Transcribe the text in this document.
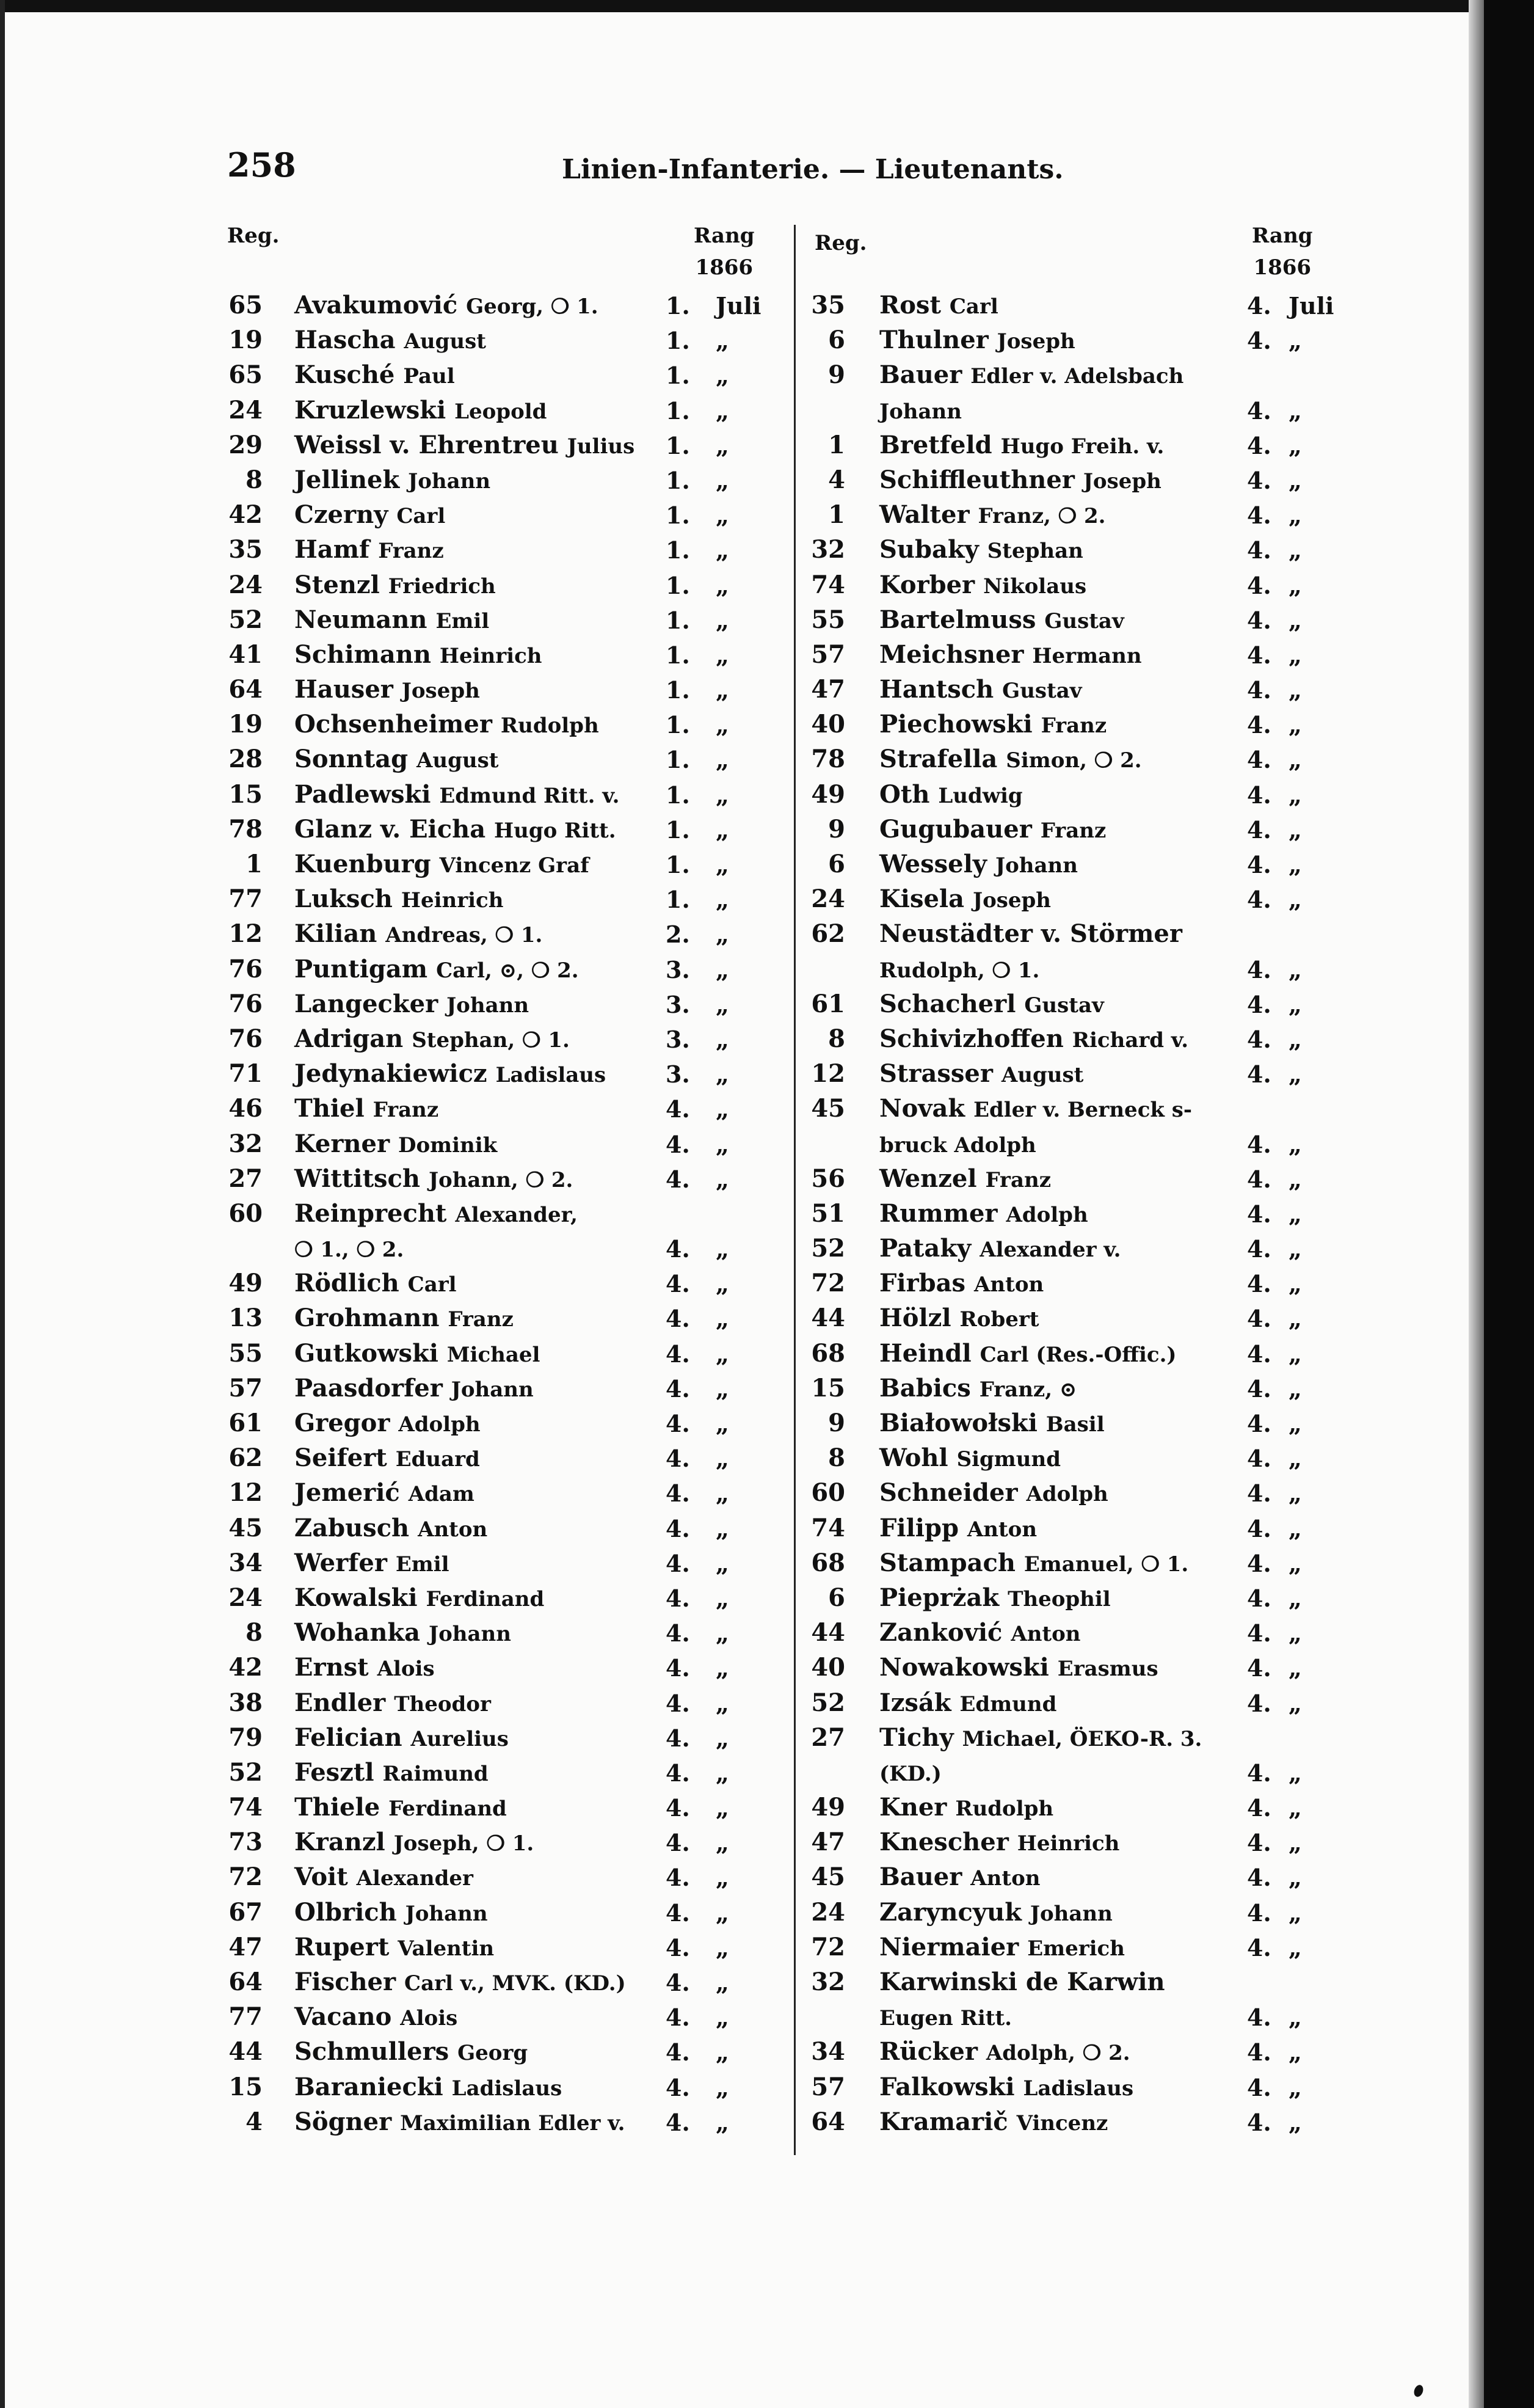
258	Linien-Infanterie. — Lieutenants.
Reg.	Rang
1866
Reg.	Rang
1866
65 Avakumović Georg, ❍ 1.	1. Juli
19 Hascha August	1. „
65 Kusché Paul	1. „
24 Kruzlewski Leopold	1. „
29 Weissl v. Ehrentreu Julius 1. „
8 Jellinek Johann	1. „
42 Czerny Carl	1. „
35 Hamf Franz	1. „
24 Stenzl Friedrich	1. „
52 Neumann Emil	1. „
41 Schimann Heinrich	1. „
64 Hauser Joseph	1. „
19 Ochsenheimer Rudolph	1. „
28 Sonntag August	1. „
15 Padlewski Edmund Ritt. v. 1. „
78 Glanz v. Eicha Hugo Ritt. 1. „
1 Kuenburg Vincenz Graf	1. „
77 Luksch Heinrich	1. „
12 Kilian Andreas, ❍ 1.	2. „
76 Puntigam Carl, ⊙, ❍ 2.	3. „
76 Langecker Johann	3. „
76 Adrigan Stephan, ❍ 1.	3. „
71 Jedynakiewicz Ladislaus	3. „
46 Thiel Franz	4. „
32 Kerner Dominik	4. „
27 Wittitsch Johann, ❍ 2.	4. „
60 Reinprecht Alexander,
❍ 1., ❍ 2.	4. „
49 Rödlich Carl	4. „
13 Grohmann Franz	4. „
55 Gutkowski Michael	4. „
57 Paasdorfer Johann	4. „
61 Gregor Adolph	4. „
62 Seifert Eduard	4. „
12 Jemerić Adam	4. „
45 Zabusch Anton	4. „
34 Werfer Emil	4. „
24 Kowalski Ferdinand	4. „
8 Wohanka Johann	4. „
42 Ernst Alois	4. „
38 Endler Theodor	4. „
79 Felician Aurelius	4. „
52 Fesztl Raimund	4. „
74 Thiele Ferdinand	4. „
73 Kranzl Joseph, ❍ 1.	4. „
72 Voit Alexander	4. „
67 Olbrich Johann	4. „
47 Rupert Valentin	4. „
64 Fischer Carl v., MVK. (KD.) 4. „
77 Vacano Alois	4. „
44 Schmullers Georg	4. „
15 Baraniecki Ladislaus	4. „
4 Sögner Maximilian Edler v. 4. „
35 Rost Carl	4. Juli
6 Thulner Joseph	4. „
9 Bauer Edler v. Adelsbach
Johann	4. „
1 Bretfeld Hugo Freih. v.	4. „
4 Schiffleuthner Joseph	4. „
1 Walter Franz, ❍ 2.	4. „
32 Subaky Stephan	4. „
74 Korber Nikolaus	4. „
55 Bartelmuss Gustav	4. „
57 Meichsner Hermann	4. „
47 Hantsch Gustav	4. „
40 Piechowski Franz	4. „
78 Strafella Simon, ❍ 2.	4. „
49 Oth Ludwig	4. „
9 Gugubauer Franz	4. „
6 Wessely Johann	4. „
24 Kisela Joseph	4. „
62 Neustädter v. Störmer
Rudolph, ❍ 1.	4. „
61 Schacherl Gustav	4. „
8 Schivizhoffen Richard v.	4. „
12 Strasser August	4. „
45 Novak Edler v. Berneck s-
bruck Adolph	4. „
56 Wenzel Franz	4. „
51 Rummer Adolph	4. „
52 Pataky Alexander v.	4. „
72 Firbas Anton	4. „
44 Hölzl Robert	4. „
68 Heindl Carl (Res.-Offic.)	4. „
15 Babics Franz, ⊙	4. „
9 Białowołski Basil	4. „
8 Wohl Sigmund	4. „
60 Schneider Adolph	4. „
74 Filipp Anton	4. „
68 Stampach Emanuel, ❍ 1.	4. „
6 Pieprżak Theophil	4. „
44 Zanković Anton	4. „
40 Nowakowski Erasmus	4. „
52 Izsák Edmund	4. „
27 Tichy Michael, ÖEKO-R. 3.
(KD.)	4. „
49 Kner Rudolph	4. „
47 Knescher Heinrich	4. „
45 Bauer Anton	4. „
24 Zaryncyuk Johann	4. „
72 Niermaier Emerich	4. „
32 Karwinski de Karwin
Eugen Ritt.	4. „
34 Rücker Adolph, ❍ 2.	4. „
57 Falkowski Ladislaus	4. „
64 Kramarič Vincenz	4. „
